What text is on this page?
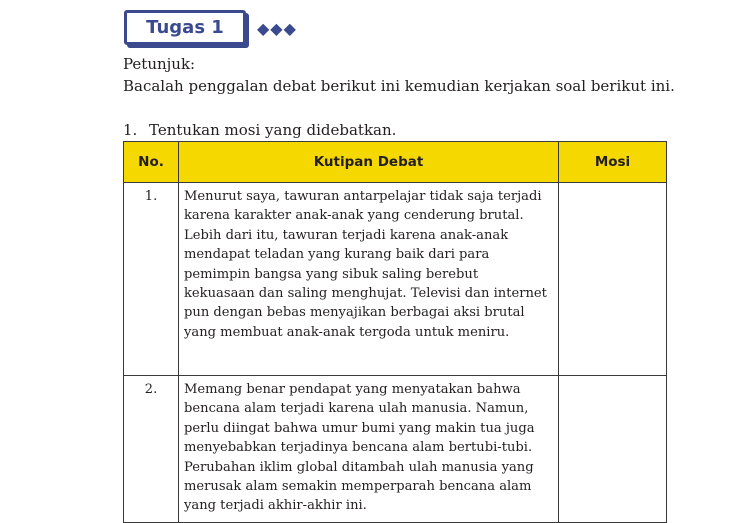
Tugas 1 ◆◆◆
Petunjuk:
Bacalah penggalan debat berikut ini kemudian kerjakan soal berikut ini.
1. Tentukan mosi yang didebatkan.
No.	Kutipan Debat	Mosi
1.	Menurut saya, tawuran antarpelajar tidak saja terjadi karena karakter anak-anak yang cenderung brutal. Lebih dari itu, tawuran terjadi karena anak-anak mendapat teladan yang kurang baik dari para pemimpin bangsa yang sibuk saling berebut kekuasaan dan saling menghujat. Televisi dan internet pun dengan bebas menyajikan berbagai aksi brutal yang membuat anak-anak tergoda untuk meniru.	
2.	Memang benar pendapat yang menyatakan bahwa bencana alam terjadi karena ulah manusia. Namun, perlu diingat bahwa umur bumi yang makin tua juga menyebabkan terjadinya bencana alam bertubi-tubi. Perubahan iklim global ditambah ulah manusia yang merusak alam semakin memperparah bencana alam yang terjadi akhir-akhir ini.	
